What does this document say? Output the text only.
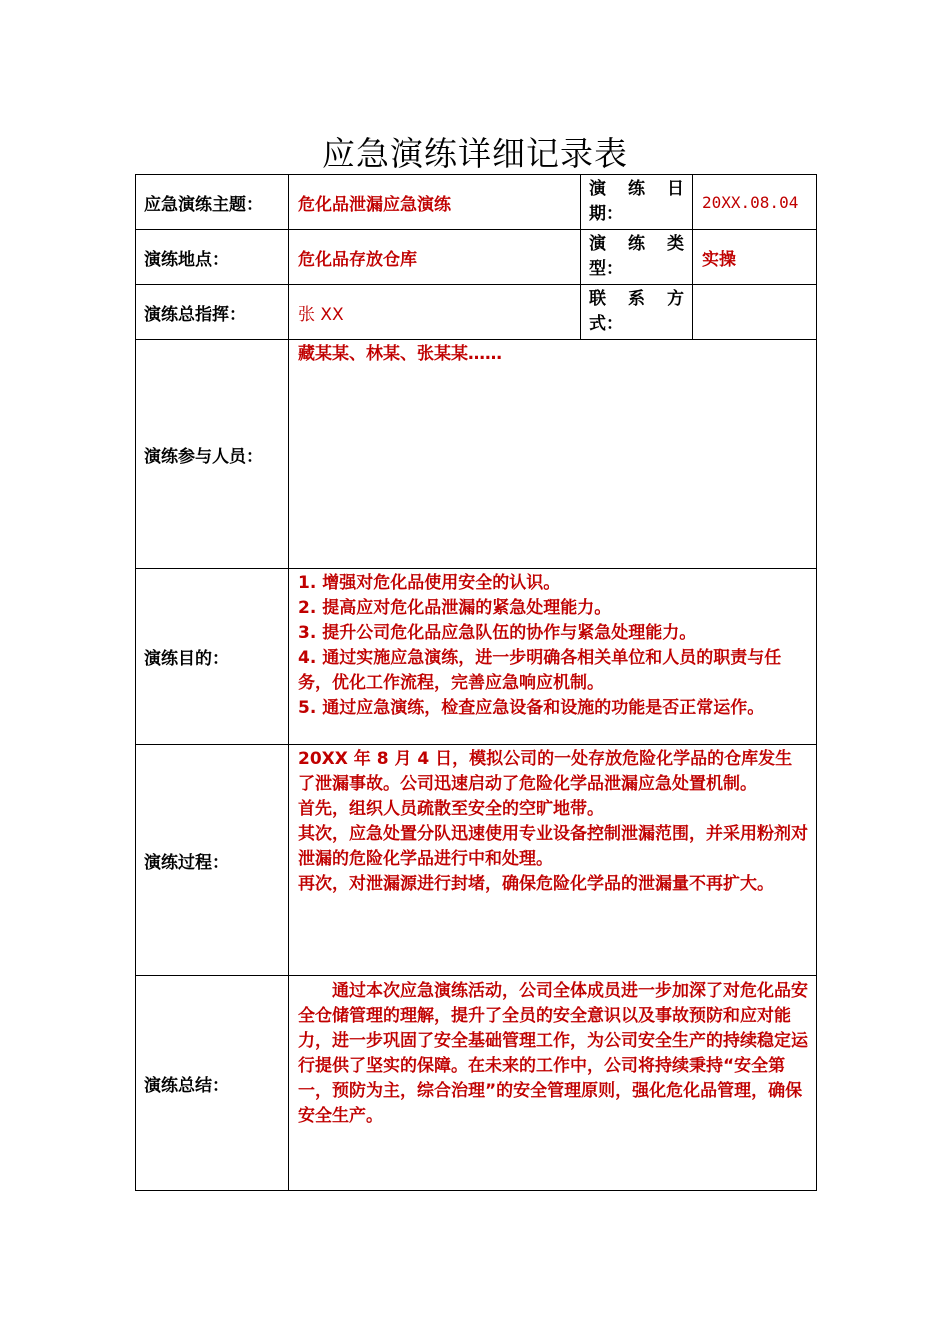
应急演练详细记录表
应急演练主题：	危化品泄漏应急演练	演　练　日
期：	20XX.08.04
演练地点：	危化品存放仓库	演　练　类
型：	实操
演练总指挥：	张 XX	联　系　方
式：	

演练参与人员：	藏某某、林某、张某某……		

演练目的：	1. 增强对危化品使用安全的认识。

2. 提高应对危化品泄漏的紧急处理能力。

3. 提升公司危化品应急队伍的协作与紧急处理能力。

4. 通过实施应急演练，进一步明确各相关单位和人员的职责与任务，优化工作流程，完善应急响应机制。

5. 通过应急演练，检查应急设备和设施的功能是否正常运作。		

演练过程：	20XX 年 8 月 4 日，模拟公司的一处存放危险化学品的仓库发生了泄漏事故。公司迅速启动了危险化学品泄漏应急处置机制。

首先，组织人员疏散至安全的空旷地带。

其次，应急处置分队迅速使用专业设备控制泄漏范围，并采用粉剂对泄漏的危险化学品进行中和处理。

再次，对泄漏源进行封堵，确保危险化学品的泄漏量不再扩大。		

演练总结：	通过本次应急演练活动，公司全体成员进一步加深了对危化品安全仓储管理的理解，提升了全员的安全意识以及事故预防和应对能力，进一步巩固了安全基础管理工作，为公司安全生产的持续稳定运行提供了坚实的保障。在未来的工作中，公司将持续秉持“安全第一，预防为主，综合治理”的安全管理原则，强化危化品管理，确保安全生产。		
